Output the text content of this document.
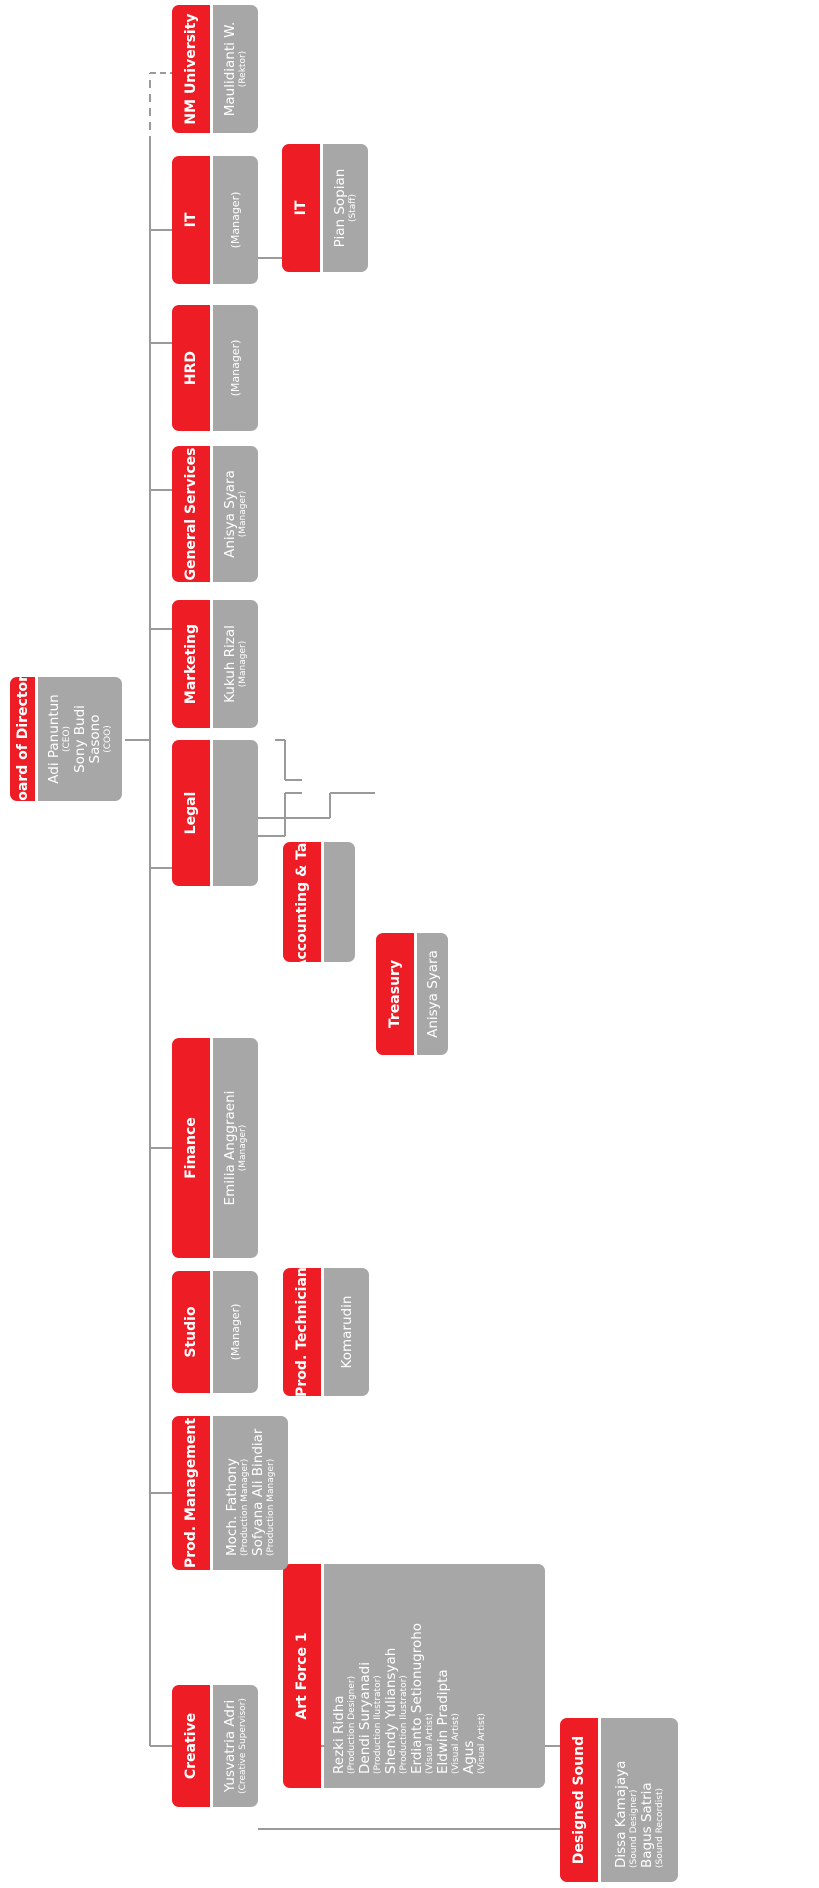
Board of Directors	Adi Panuntun (CEO) Sony Budi Sasono (COO)
Creative	Yusvatria Adri (Creative Supervisor)
Art Force 1
Rezki Ridha (Production Designer) Dendi Suryanadi (Production Ilustrator) Shendy Yuliansyah (Production Ilustrator) Erdianto Setionugroho (Visual Artist) Eldwin Pradipta (Visual Artist) Agus (Visual Artist)	Designed Sound	Dissa Kamajaya (Sound Designer) Bagus Satria (Sound Recordist)
Prod. Management	Moch. Fathony (Production Manager) Sofyana Ali Bindiar (Production Manager)
Studio	(Manager)	Prod. Technician	Komarudin
Finance	Emilia Anggraeni (Manager)
Accounting & Tax
Treasury	Anisya Syara
Legal
Marketing	Kukuh Rizal (Manager)
General Services	Anisya Syara (Manager)
HRD	(Manager)
IT	(Manager)	IT	Pian Sopian (Staff)
NM University	Maulidianti W. (Rektor)
